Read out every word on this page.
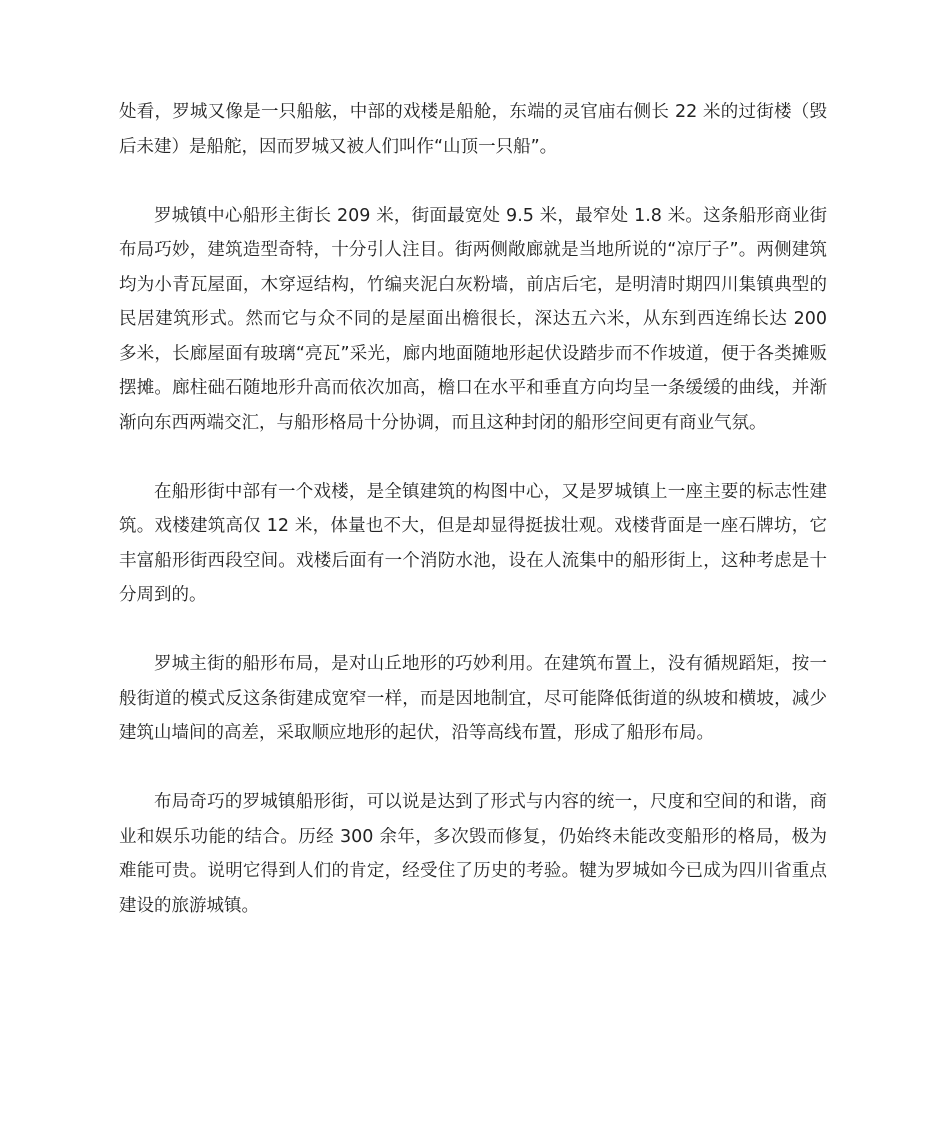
处看，罗城又像是一只船舷，中部的戏楼是船舱，东端的灵官庙右侧长 22 米的过街楼（毁后未建）是船舵，因而罗城又被人们叫作“山顶一只船”。

罗城镇中心船形主街长 209 米，街面最宽处 9.5 米，最窄处 1.8 米。这条船形商业街布局巧妙，建筑造型奇特，十分引人注目。街两侧敞廊就是当地所说的“凉厅子”。两侧建筑均为小青瓦屋面，木穿逗结构，竹编夹泥白灰粉墙，前店后宅，是明清时期四川集镇典型的民居建筑形式。然而它与众不同的是屋面出檐很长，深达五六米，从东到西连绵长达 200 多米，长廊屋面有玻璃“亮瓦”采光，廊内地面随地形起伏设踏步而不作坡道，便于各类摊贩摆摊。廊柱础石随地形升高而依次加高，檐口在水平和垂直方向均呈一条缓缓的曲线，并渐渐向东西两端交汇，与船形格局十分协调，而且这种封闭的船形空间更有商业气氛。

在船形街中部有一个戏楼，是全镇建筑的构图中心，又是罗城镇上一座主要的标志性建筑。戏楼建筑高仅 12 米，体量也不大，但是却显得挺拔壮观。戏楼背面是一座石牌坊，它丰富船形街西段空间。戏楼后面有一个消防水池，设在人流集中的船形街上，这种考虑是十分周到的。

罗城主街的船形布局，是对山丘地形的巧妙利用。在建筑布置上，没有循规蹈矩，按一般街道的模式反这条街建成宽窄一样，而是因地制宜，尽可能降低街道的纵坡和横坡，减少建筑山墙间的高差，采取顺应地形的起伏，沿等高线布置，形成了船形布局。

布局奇巧的罗城镇船形街，可以说是达到了形式与内容的统一，尺度和空间的和谐，商业和娱乐功能的结合。历经 300 余年，多次毁而修复，仍始终未能改变船形的格局，极为难能可贵。说明它得到人们的肯定，经受住了历史的考验。犍为罗城如今已成为四川省重点建设的旅游城镇。
